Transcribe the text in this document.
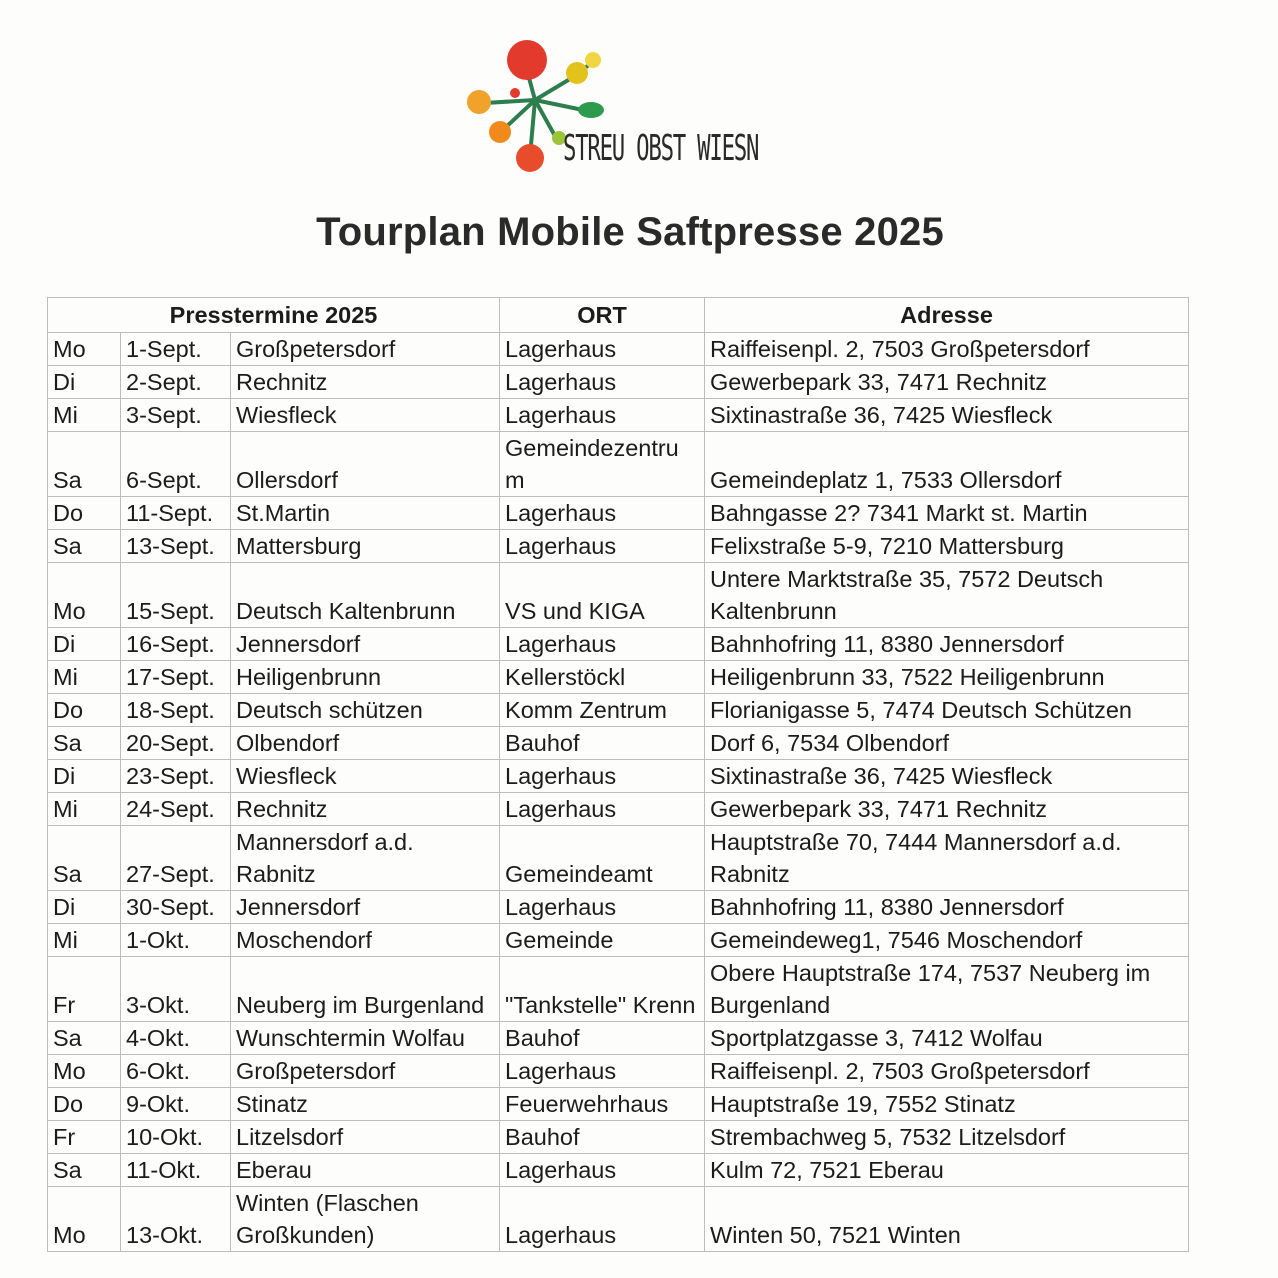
STREU OBST WIESN
Tourplan Mobile Saftpresse 2025
Presstermine 2025			ORT	Adresse
Mo	1-Sept.	Großpetersdorf	Lagerhaus	Raiffeisenpl. 2, 7503 Großpetersdorf
Di	2-Sept.	Rechnitz	Lagerhaus	Gewerbepark 33, 7471 Rechnitz
Mi	3-Sept.	Wiesfleck	Lagerhaus	Sixtinastraße 36, 7425 Wiesfleck
Sa	6-Sept.	Ollersdorf	Gemeindezentru m	Gemeindeplatz 1, 7533 Ollersdorf
Do	11-Sept.	St.Martin	Lagerhaus	Bahngasse 2? 7341 Markt st. Martin
Sa	13-Sept.	Mattersburg	Lagerhaus	Felixstraße 5-9, 7210 Mattersburg
Mo	15-Sept.	Deutsch Kaltenbrunn	VS und KIGA	Untere Marktstraße 35, 7572 Deutsch Kaltenbrunn
Di	16-Sept.	Jennersdorf	Lagerhaus	Bahnhofring 11, 8380 Jennersdorf
Mi	17-Sept.	Heiligenbrunn	Kellerstöckl	Heiligenbrunn 33, 7522 Heiligenbrunn
Do	18-Sept.	Deutsch schützen	Komm Zentrum	Florianigasse 5, 7474 Deutsch Schützen
Sa	20-Sept.	Olbendorf	Bauhof	Dorf 6, 7534 Olbendorf
Di	23-Sept.	Wiesfleck	Lagerhaus	Sixtinastraße 36, 7425 Wiesfleck
Mi	24-Sept.	Rechnitz	Lagerhaus	Gewerbepark 33, 7471 Rechnitz
Sa	27-Sept.	Mannersdorf a.d. Rabnitz	Gemeindeamt	Hauptstraße 70, 7444 Mannersdorf a.d. Rabnitz
Di	30-Sept.	Jennersdorf	Lagerhaus	Bahnhofring 11, 8380 Jennersdorf
Mi	1-Okt.	Moschendorf	Gemeinde	Gemeindeweg1, 7546 Moschendorf
Fr	3-Okt.	Neuberg im Burgenland	"Tankstelle" Krenn	Obere Hauptstraße 174, 7537 Neuberg im Burgenland
Sa	4-Okt.	Wunschtermin Wolfau	Bauhof	Sportplatzgasse 3, 7412 Wolfau
Mo	6-Okt.	Großpetersdorf	Lagerhaus	Raiffeisenpl. 2, 7503 Großpetersdorf
Do	9-Okt.	Stinatz	Feuerwehrhaus	Hauptstraße 19, 7552 Stinatz
Fr	10-Okt.	Litzelsdorf	Bauhof	Strembachweg 5, 7532 Litzelsdorf
Sa	11-Okt.	Eberau	Lagerhaus	Kulm 72, 7521 Eberau
Mo	13-Okt.	Winten (Flaschen Großkunden)	Lagerhaus	Winten 50, 7521 Winten
